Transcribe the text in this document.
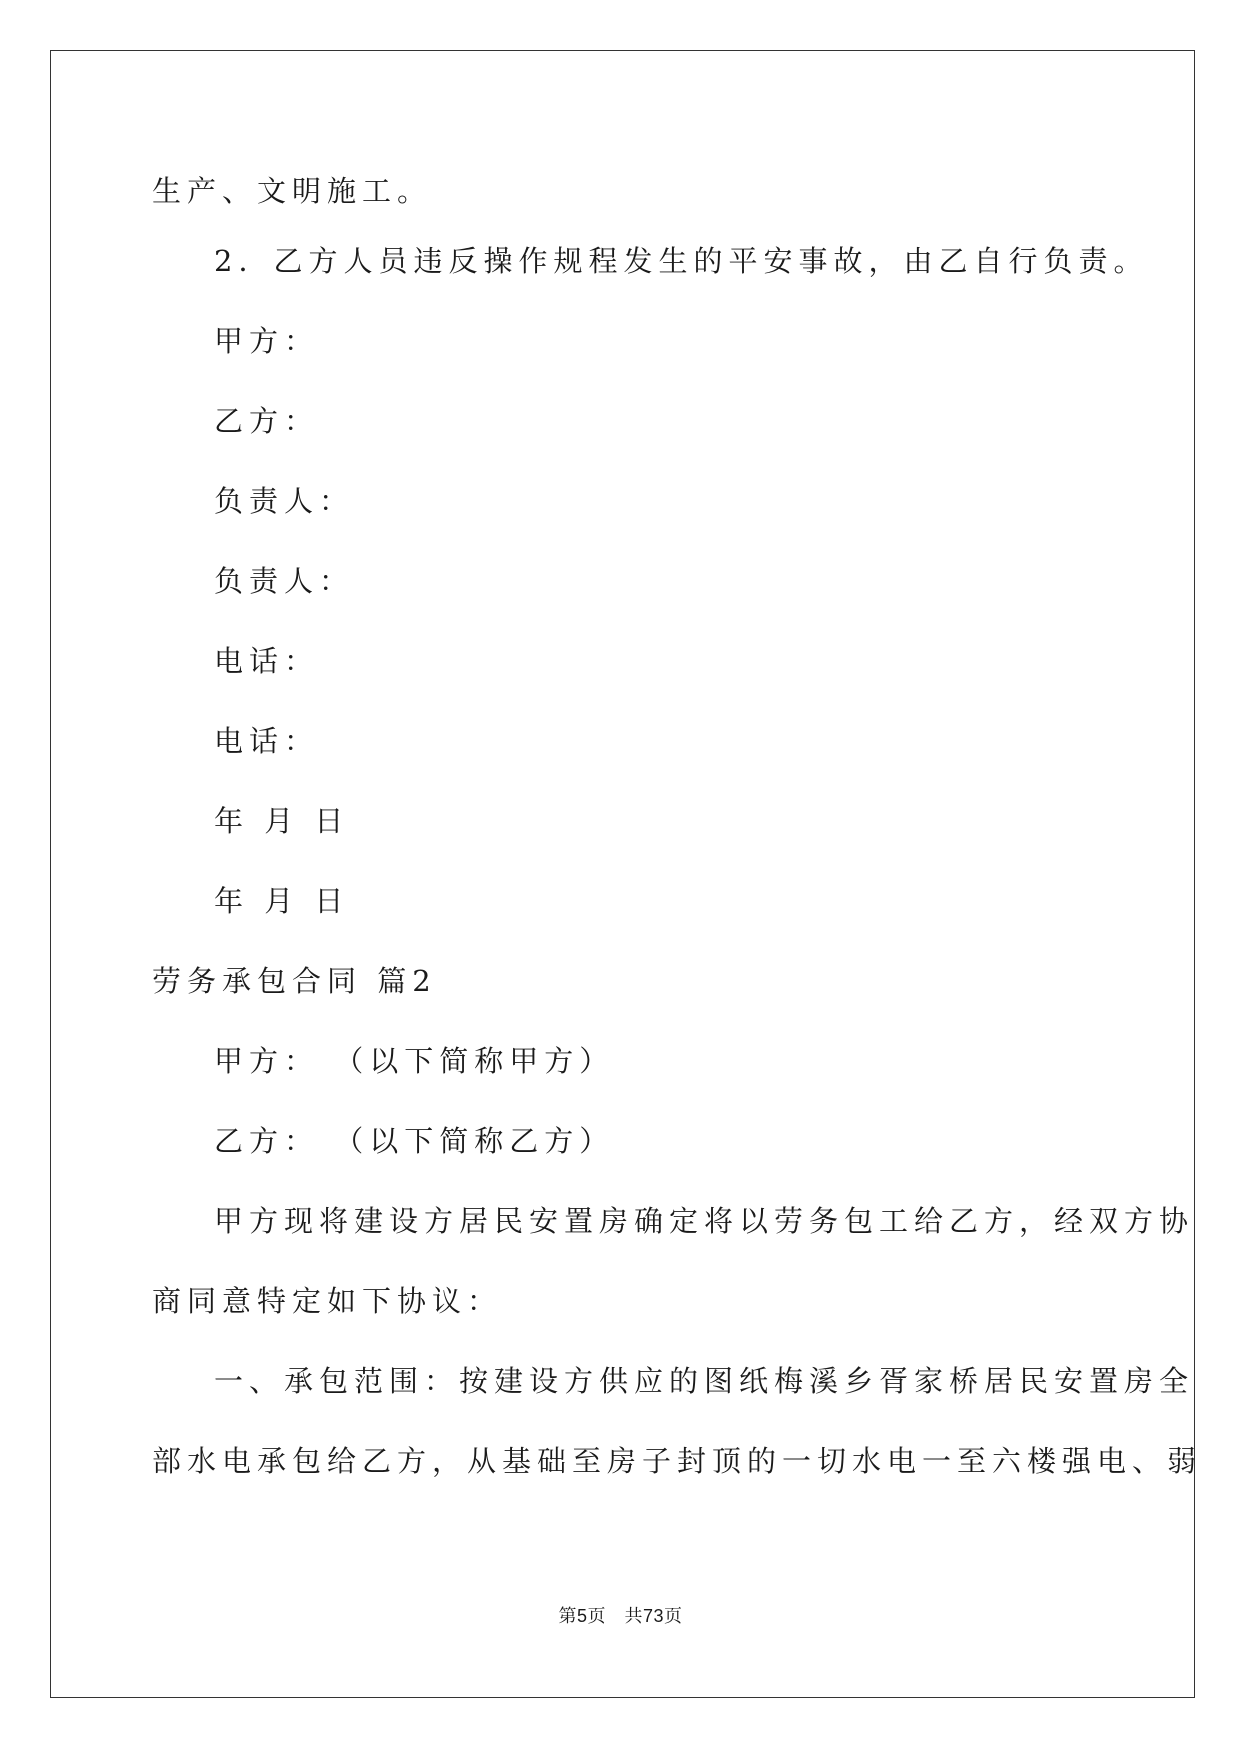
生产、文明施工。
2．乙方人员违反操作规程发生的平安事故，由乙自行负责。
甲方：
乙方：
负责人：
负责人：
电话：
电话：
年 月 日
年 月 日
劳务承包合同 篇2
甲方： （以下简称甲方）
乙方： （以下简称乙方）
甲方现将建设方居民安置房确定将以劳务包工给乙方，经双方协
商同意特定如下协议：
一、承包范围：按建设方供应的图纸梅溪乡胥家桥居民安置房全
部水电承包给乙方，从基础至房子封顶的一切水电一至六楼强电、弱
第5页　共73页
